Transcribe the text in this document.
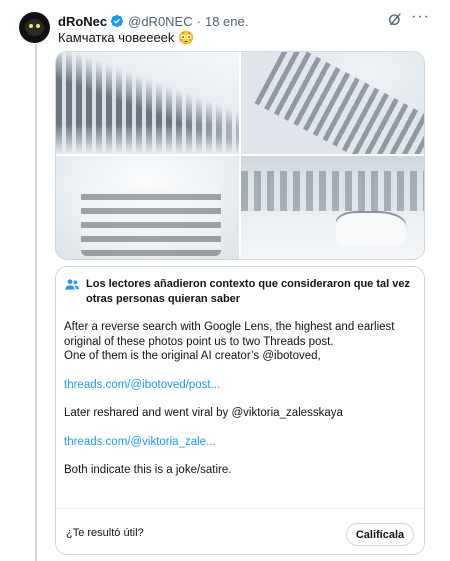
dRoNec @dR0NEC · 18 ene.	···
Камчатка човееееk 😳
Los lectores añadieron contexto que consideraron que tal vez otras personas quieran saber

After a reverse search with Google Lens, the highest and earliest original of these photos point us to two Threads post.

One of them is the original AI creator’s @ibotoved,

threads.com/@ibotoved/post...

Later reshared and went viral by @viktoria_zalesskaya

threads.com/@viktoria_zale...

Both indicate this is a joke/satire.

¿Te resultó útil?	Califícala
